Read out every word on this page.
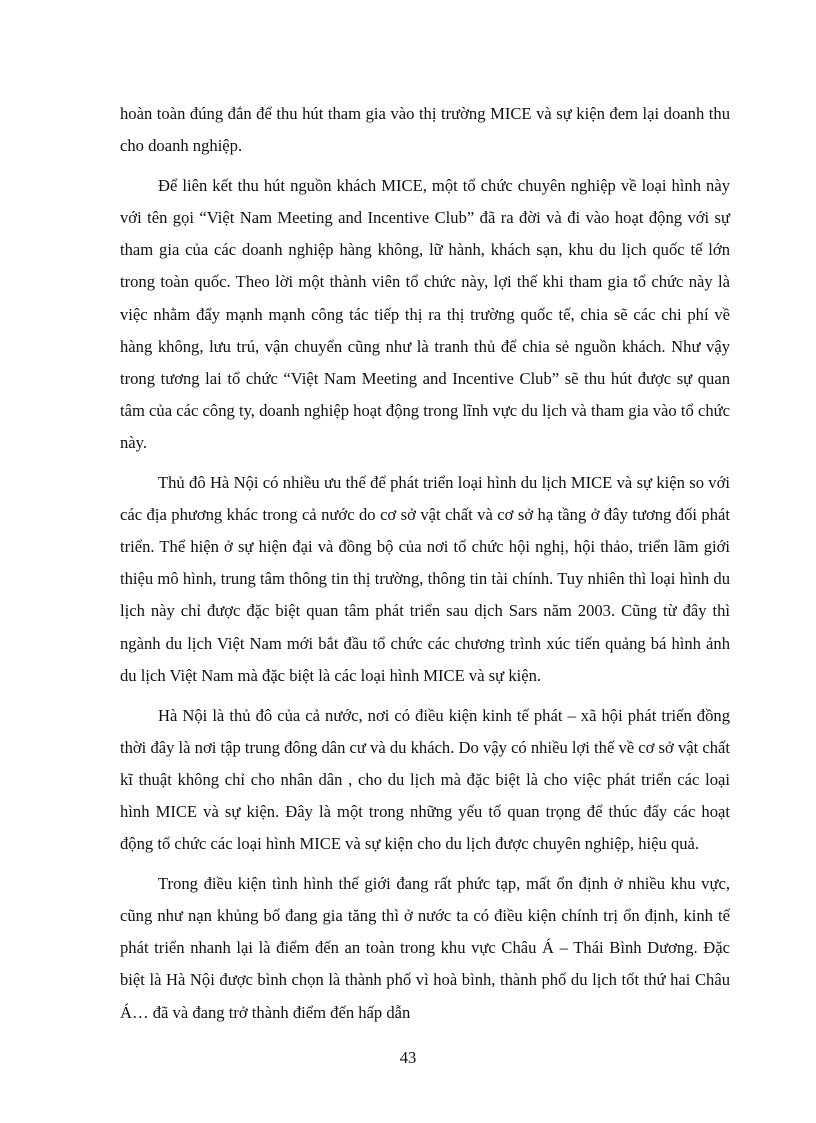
hoàn toàn đúng đắn để thu hút tham gia vào thị trường MICE và sự kiện đem lại doanh thu cho doanh nghiệp.

Để liên kết thu hút nguồn khách MICE, một tổ chức chuyên nghiệp về loại hình này với tên gọi “Việt Nam Meeting and Incentive Club” đã ra đời và đi vào hoạt động với sự tham gia của các doanh nghiệp hàng không, lữ hành, khách sạn, khu du lịch quốc tế lớn trong toàn quốc. Theo lời một thành viên tổ chức này, lợi thế khi tham gia tổ chức này là việc nhằm đẩy mạnh mạnh công tác tiếp thị ra thị trường quốc tế, chia sẽ các chi phí về hàng không, lưu trú, vận chuyển cũng như là tranh thủ để chia sẻ nguồn khách. Như vậy trong tương lai tổ chức “Việt Nam Meeting and Incentive Club” sẽ thu hút được sự quan tâm của các công ty, doanh nghiệp hoạt động trong lĩnh vực du lịch và tham gia vào tổ chức này.

Thủ đô Hà Nội có nhiều ưu thế để phát triển loại hình du lịch MICE và sự kiện so với các địa phương khác trong cả nước do cơ sở vật chất và cơ sở hạ tầng ở đây tương đối phát triển. Thể hiện ở sự hiện đại và đồng bộ của nơi tổ chức hội nghị, hội thảo, triển lãm giới thiệu mô hình, trung tâm thông tin thị trường, thông tin tài chính. Tuy nhiên thì loại hình du lịch này chỉ được đặc biệt quan tâm phát triển sau dịch Sars năm 2003. Cũng từ đây thì ngành du lịch Việt Nam mới bắt đầu tổ chức các chương trình xúc tiến quảng bá hình ảnh du lịch Việt Nam mà đặc biệt là các loại hình MICE và sự kiện.

Hà Nội là thủ đô của cả nước, nơi có điều kiện kinh tế phát – xã hội phát triển đồng thời đây là nơi tập trung đông dân cư và du khách. Do vậy có nhiều lợi thế về cơ sở vật chất kĩ thuật không chỉ cho nhân dân , cho du lịch mà đặc biệt là cho việc phát triển các loại hình MICE và sự kiện. Đây là một trong những yếu tố quan trọng để thúc đẩy các hoạt động tổ chức các loại hình MICE và sự kiện cho du lịch được chuyên nghiệp, hiệu quả.

Trong điều kiện tình hình thế giới đang rất phức tạp, mất ổn định ở nhiều khu vực, cũng như nạn khủng bố đang gia tăng thì ở nước ta có điều kiện chính trị ổn định, kinh tế phát triển nhanh lại là điểm đến an toàn trong khu vực Châu Á – Thái Bình Dương. Đặc biệt là Hà Nội được bình chọn là thành phố vì hoà bình, thành phố du lịch tốt thứ hai Châu Á… đã và đang trở thành điểm đến hấp dẫn

43
